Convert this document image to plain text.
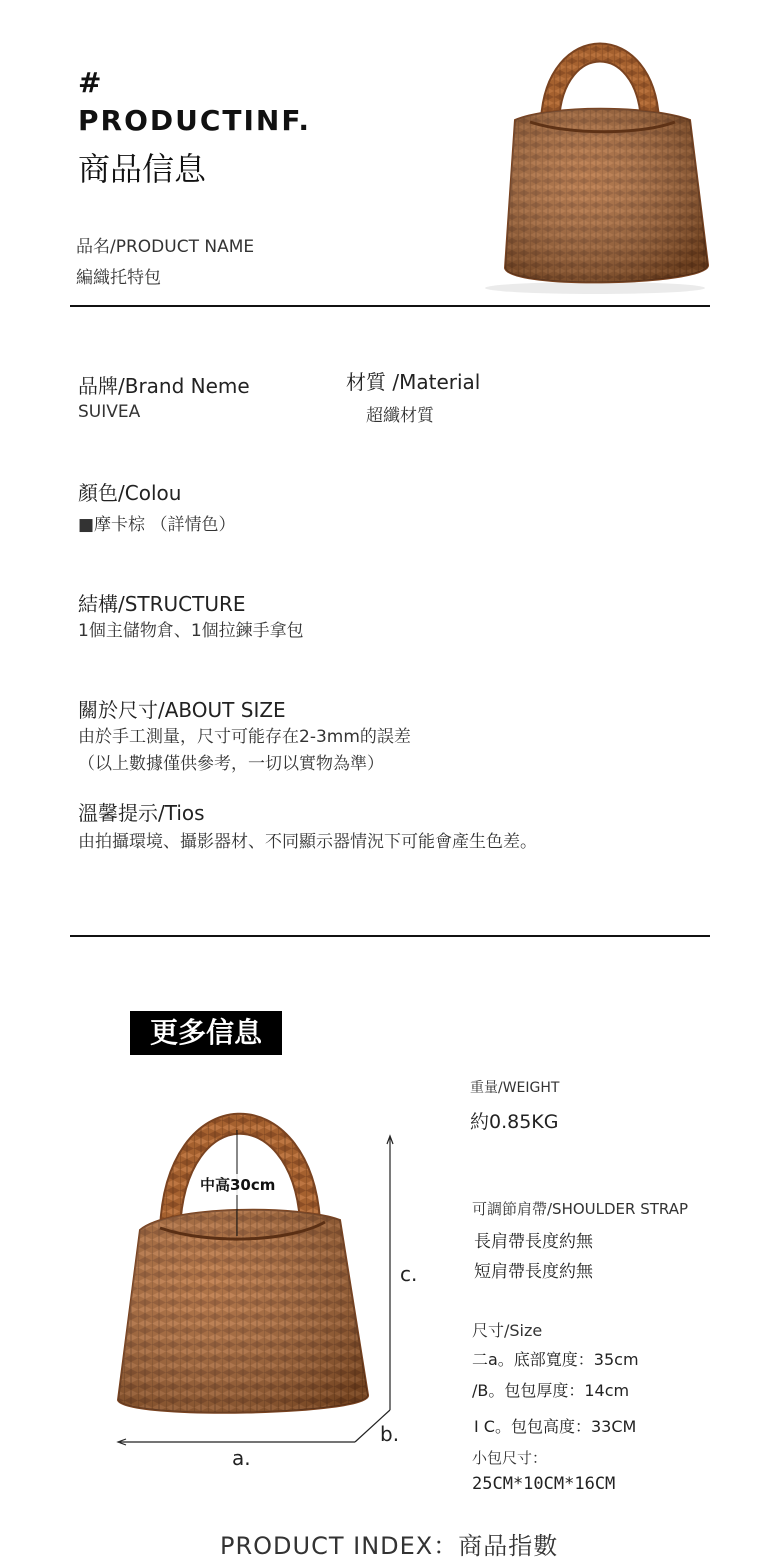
#
PRODUCTINF.
商品信息
品名/PRODUCT NAME
編織托特包
品牌/Brand Neme
SUIVEA
材質 /Material
超纖材質
顏色/Colou
■摩卡棕 （詳情色）
結構/STRUCTURE
1個主儲物倉、1個拉鍊手拿包
關於尺寸/ABOUT SIZE
由於手工測量，尺寸可能存在2-3mm的誤差
（以上數據僅供參考，一切以實物為準）
溫馨提示/Tios
由拍攝環境、攝影器材、不同顯示器情況下可能會產生色差。
更多信息
中高30cm
c.
b.
a.
重量/WEIGHT
約0.85KG
可調節肩帶/SHOULDER STRAP
長肩帶長度約無
短肩帶長度約無
尺寸/Size
二a。底部寬度：35cm
/B。包包厚度：14cm
I C。包包高度：33CM
小包尺寸：
25CM*10CM*16CM
PRODUCT INDEX：商品指數
